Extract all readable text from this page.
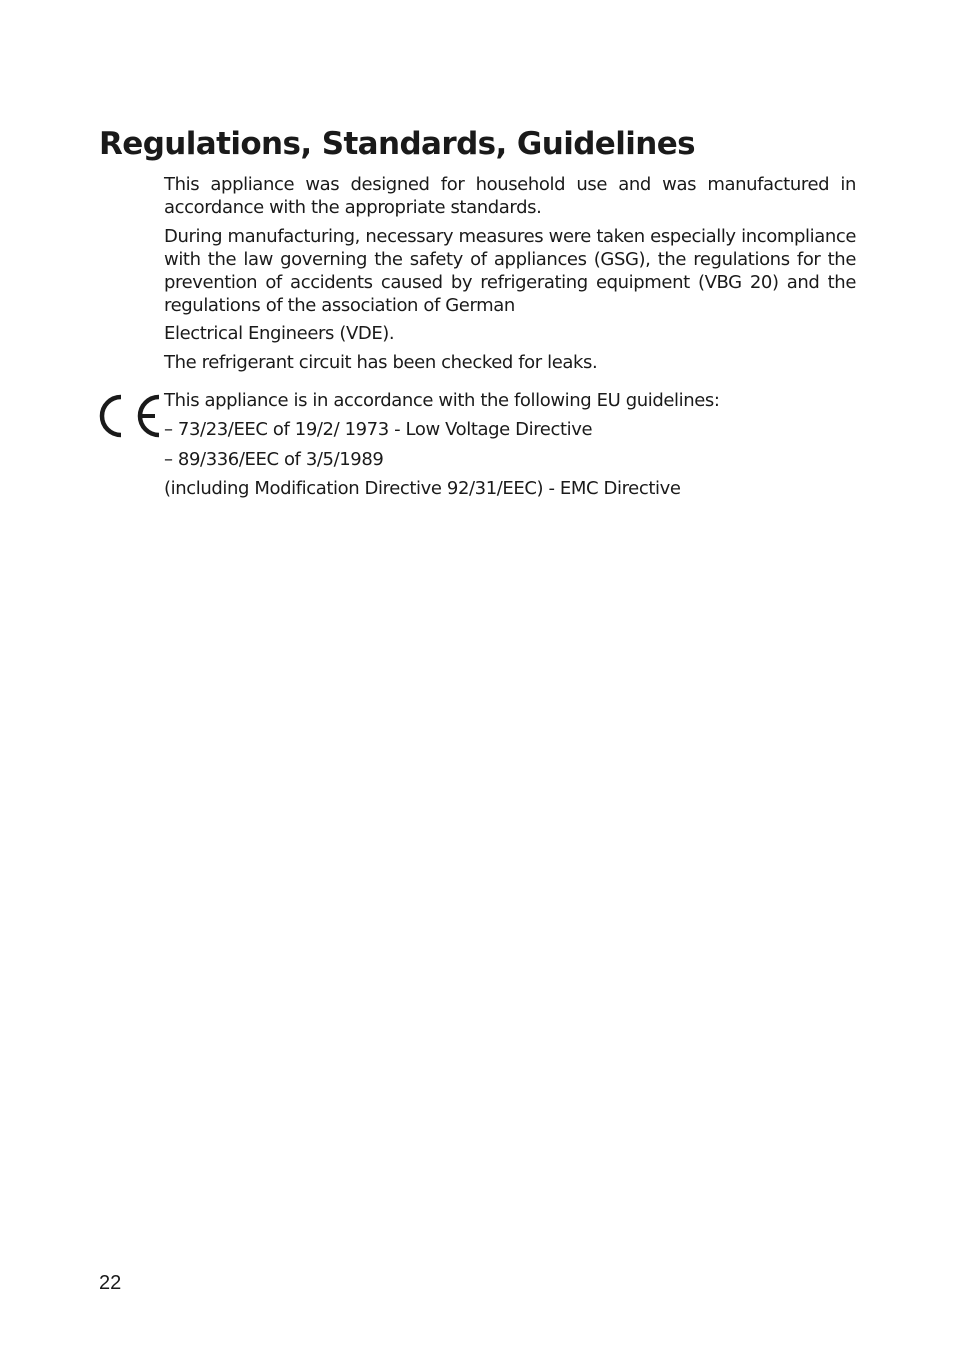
Regulations, Standards, Guidelines

This appliance was designed for household use and was manufactured in accordance with the appropriate standards.

During manufacturing, necessary measures were taken especially incompliance with the law governing the safety of appliances (GSG), the regulations for the prevention of accidents caused by refrigerating equipment (VBG 20) and the regulations of the association of German

Electrical Engineers (VDE).

The refrigerant circuit has been checked for leaks.

This appliance is in accordance with the following EU guidelines:

– 73/23/EEC of 19/2/ 1973 - Low Voltage Directive

– 89/336/EEC of 3/5/1989

(including Modification Directive 92/31/EEC) - EMC Directive

22
